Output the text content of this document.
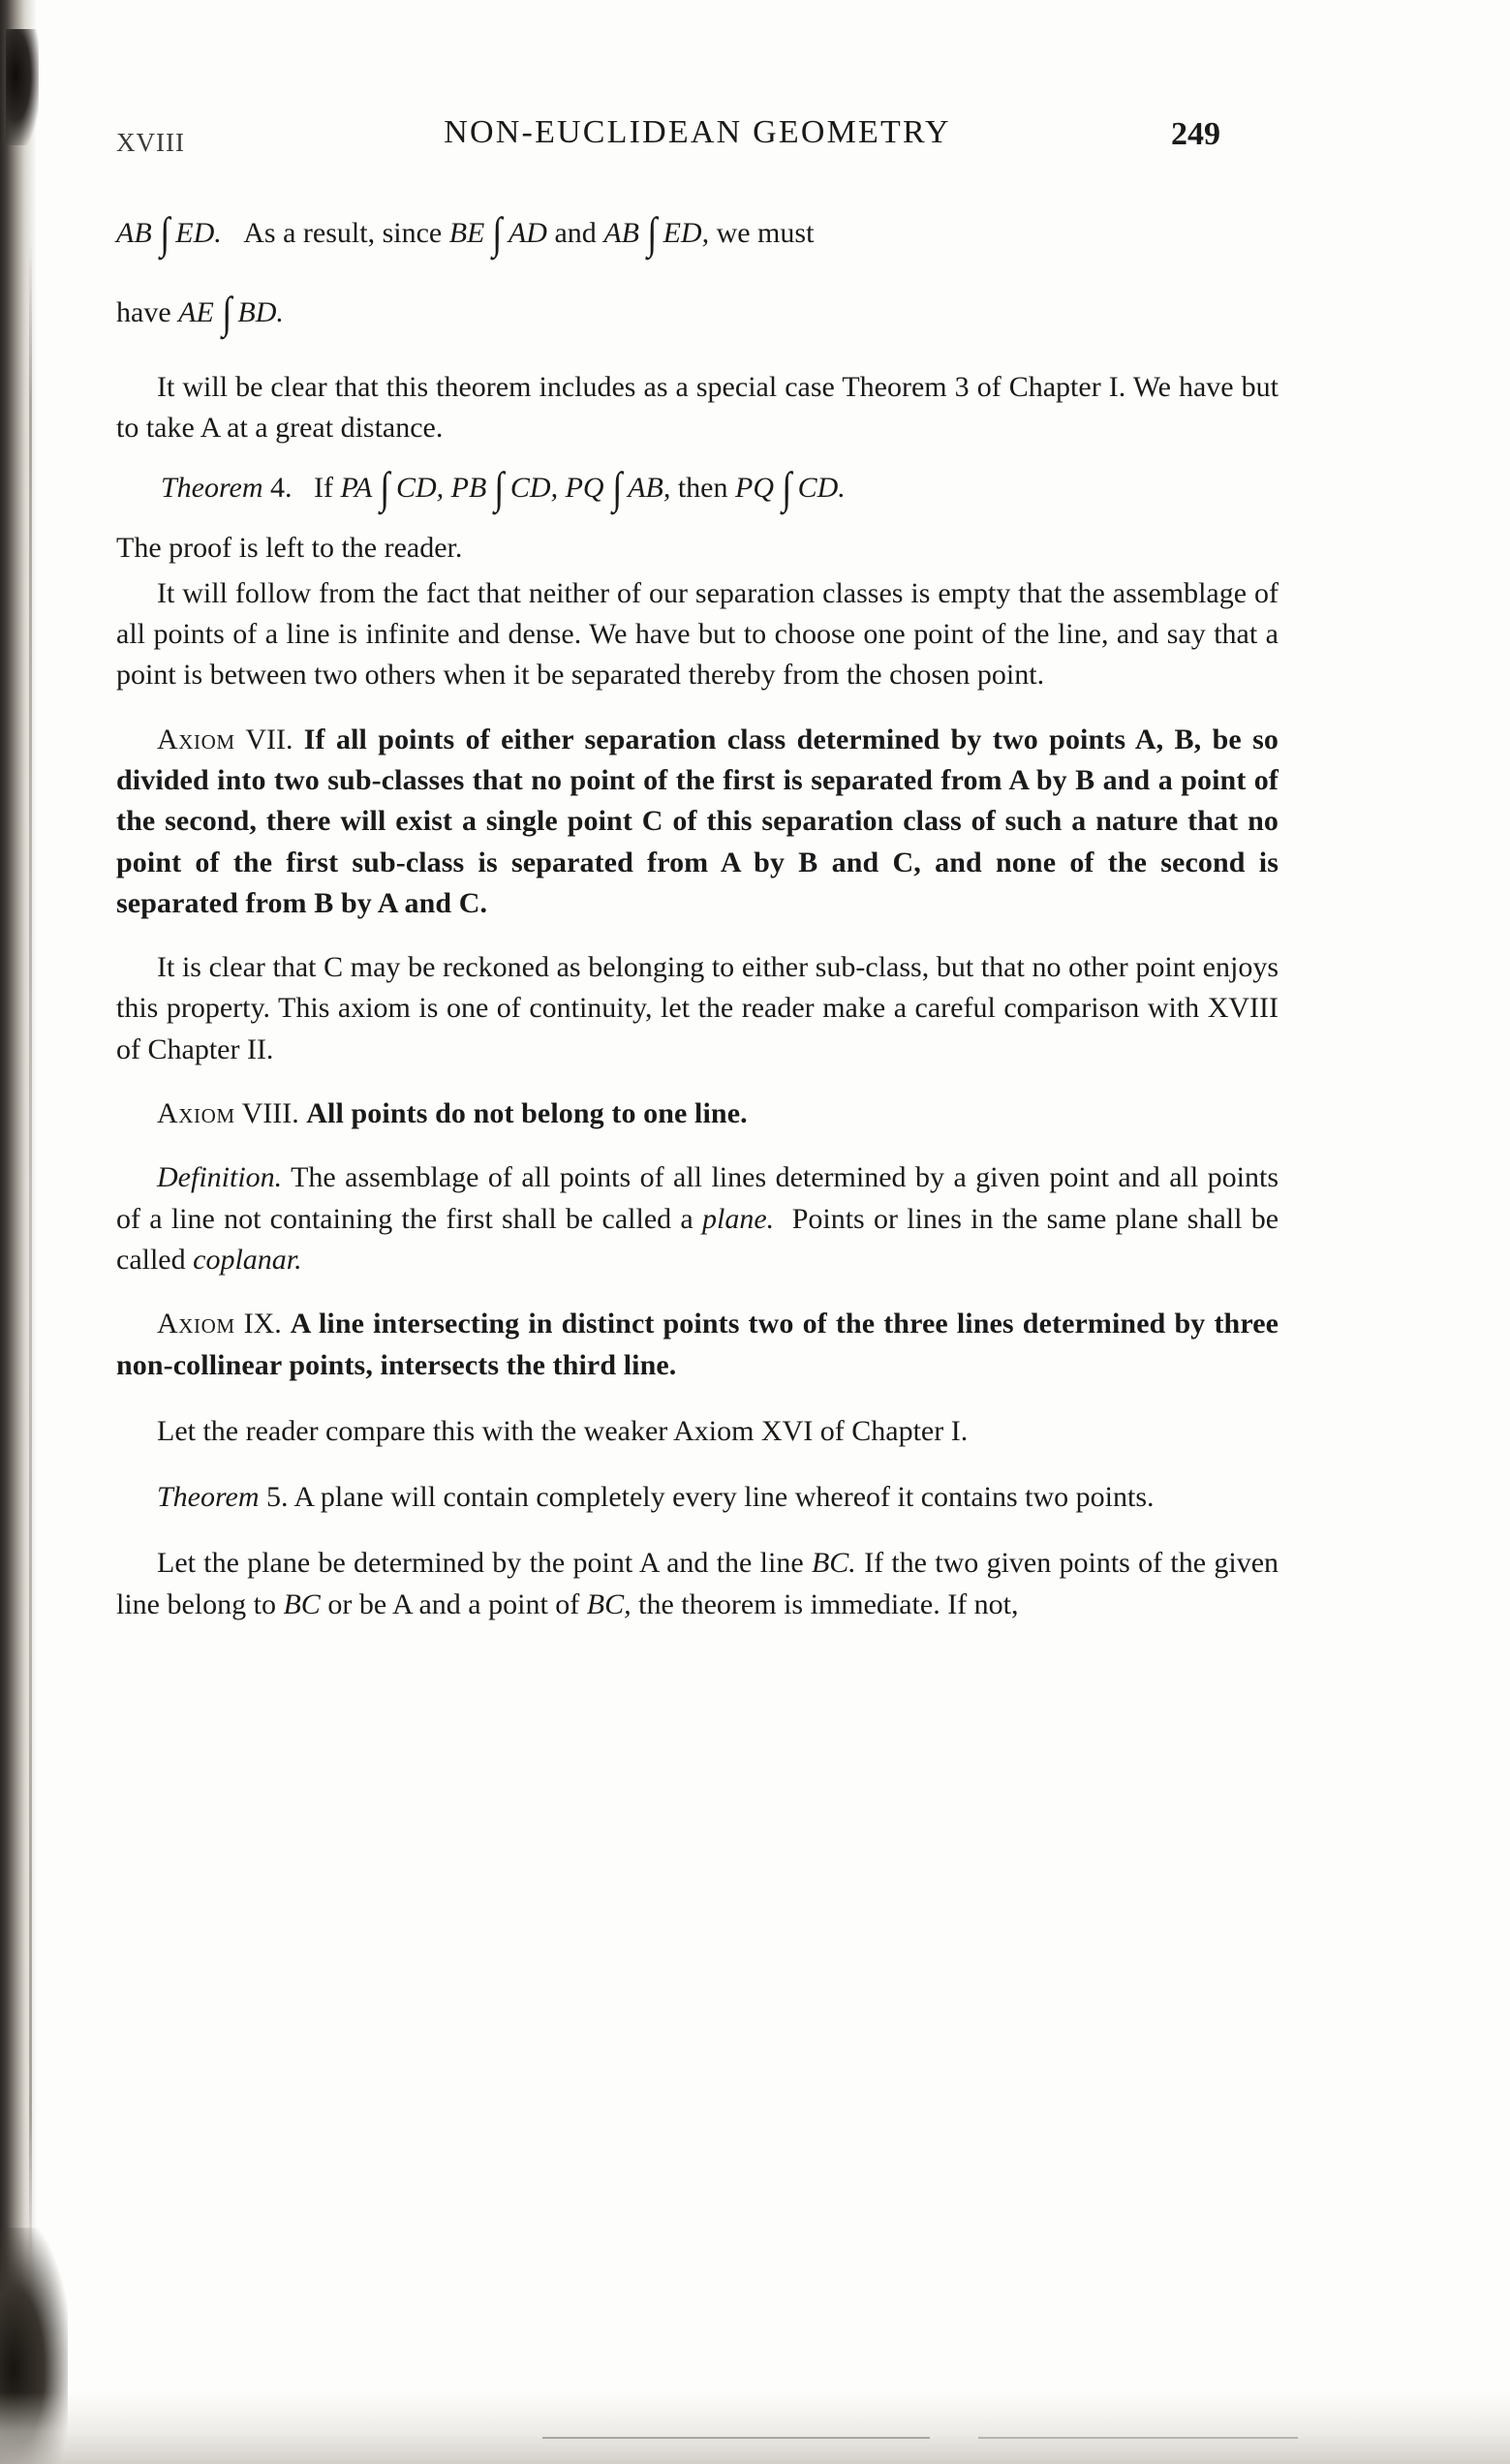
XVIII	NON-EUCLIDEAN GEOMETRY	249

AB ∫ ED. As a result, since BE ∫ AD and AB ∫ ED, we must

have AE ∫ BD.

It will be clear that this theorem includes as a special case Theorem 3 of Chapter I. We have but to take A at a great distance.

Theorem 4. If PA ∫ CD, PB ∫ CD, PQ ∫ AB, then PQ ∫ CD.

The proof is left to the reader.

It will follow from the fact that neither of our separation classes is empty that the assemblage of all points of a line is infinite and dense. We have but to choose one point of the line, and say that a point is between two others when it be separated thereby from the chosen point.

Axiom VII. If all points of either separation class determined by two points A, B, be so divided into two sub-classes that no point of the first is separated from A by B and a point of the second, there will exist a single point C of this separation class of such a nature that no point of the first sub-class is separated from A by B and C, and none of the second is separated from B by A and C.

It is clear that C may be reckoned as belonging to either sub-class, but that no other point enjoys this property. This axiom is one of continuity, let the reader make a careful comparison with XVIII of Chapter II.

Axiom VIII. All points do not belong to one line.

Definition. The assemblage of all points of all lines determined by a given point and all points of a line not containing the first shall be called a plane. Points or lines in the same plane shall be called coplanar.

Axiom IX. A line intersecting in distinct points two of the three lines determined by three non-collinear points, intersects the third line.

Let the reader compare this with the weaker Axiom XVI of Chapter I.

Theorem 5. A plane will contain completely every line whereof it contains two points.

Let the plane be determined by the point A and the line BC. If the two given points of the given line belong to BC or be A and a point of BC, the theorem is immediate. If not,
